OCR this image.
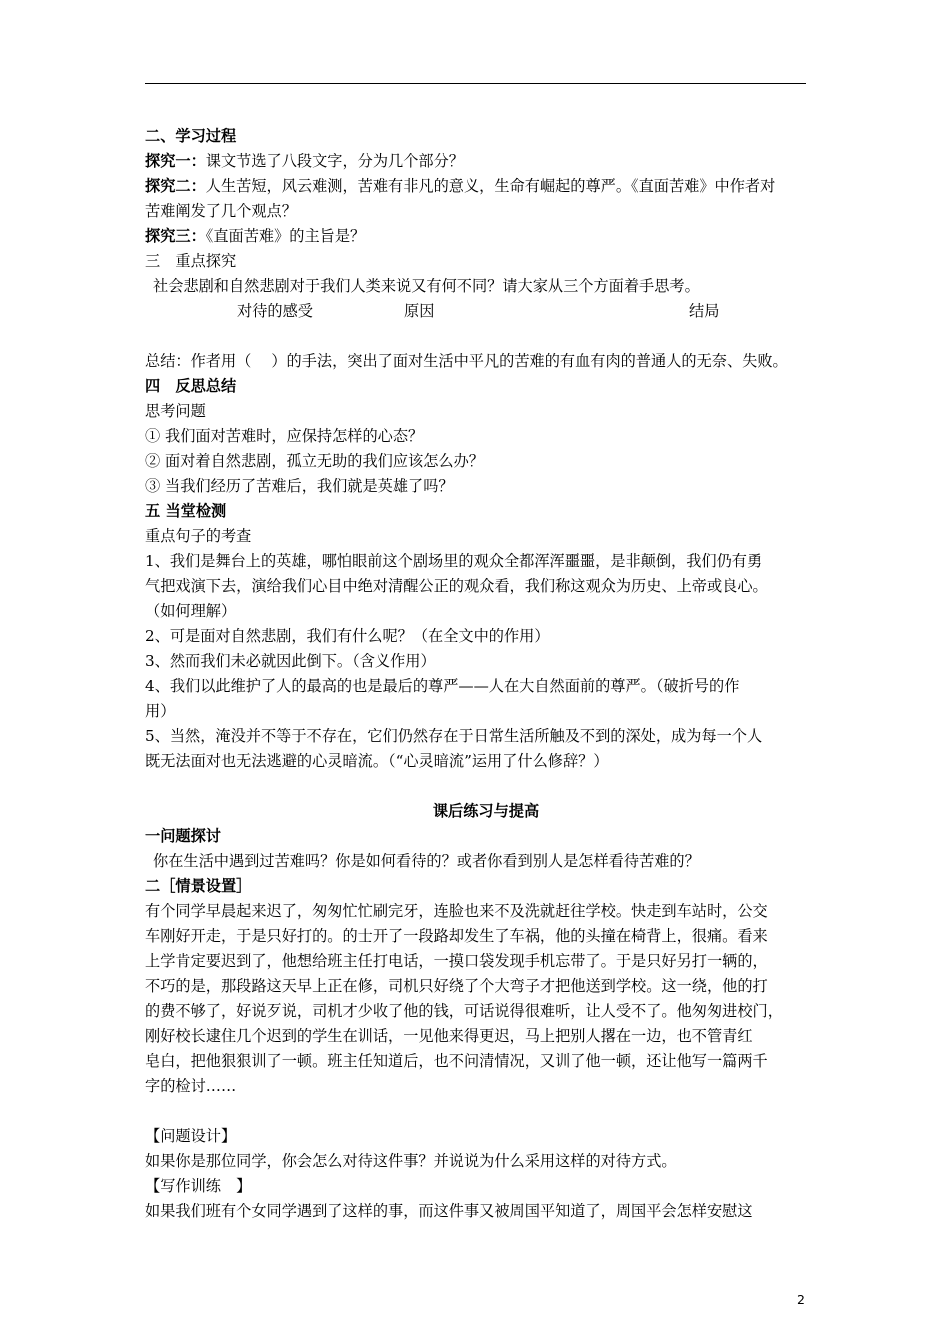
二、学习过程

探究一：课文节选了八段文字，分为几个部分？

探究二：人生苦短，风云难测，苦难有非凡的意义，生命有崛起的尊严。《直面苦难》中作者对

苦难阐发了几个观点？

探究三：《直面苦难》的主旨是？

三　重点探究

社会悲剧和自然悲剧对于我们人类来说又有何不同？请大家从三个方面着手思考。

对待的感受	原因	结局

总结：作者用（　 ）的手法，突出了面对生活中平凡的苦难的有血有肉的普通人的无奈、失败。

四　反思总结

思考问题

① 我们面对苦难时，应保持怎样的心态？

② 面对着自然悲剧，孤立无助的我们应该怎么办？

③ 当我们经历了苦难后，我们就是英雄了吗？

五 当堂检测

重点句子的考查

1、我们是舞台上的英雄，哪怕眼前这个剧场里的观众全都浑浑噩噩，是非颠倒，我们仍有勇

气把戏演下去，演给我们心目中绝对清醒公正的观众看，我们称这观众为历史、上帝或良心。

（如何理解）

2、可是面对自然悲剧，我们有什么呢？（在全文中的作用）

3、然而我们未必就因此倒下。（含义作用）

4、我们以此维护了人的最高的也是最后的尊严——人在大自然面前的尊严。（破折号的作

用）

5、当然，淹没并不等于不存在，它们仍然存在于日常生活所触及不到的深处，成为每一个人

既无法面对也无法逃避的心灵暗流。（“心灵暗流”运用了什么修辞？）

课后练习与提高

一问题探讨

你在生活中遇到过苦难吗？你是如何看待的？或者你看到别人是怎样看待苦难的？

二［情景设置］

有个同学早晨起来迟了，匆匆忙忙刷完牙，连脸也来不及洗就赶往学校。快走到车站时，公交

车刚好开走，于是只好打的。的士开了一段路却发生了车祸，他的头撞在椅背上，很痛。看来

上学肯定要迟到了，他想给班主任打电话，一摸口袋发现手机忘带了。于是只好另打一辆的，

不巧的是，那段路这天早上正在修，司机只好绕了个大弯子才把他送到学校。这一绕，他的打

的费不够了，好说歹说，司机才少收了他的钱，可话说得很难听，让人受不了。他匆匆进校门，

刚好校长逮住几个迟到的学生在训话，一见他来得更迟，马上把别人撂在一边，也不管青红

皂白，把他狠狠训了一顿。班主任知道后，也不问清情况，又训了他一顿，还让他写一篇两千

字的检讨……

【问题设计】

如果你是那位同学，你会怎么对待这件事？并说说为什么采用这样的对待方式。

【写作训练　】

如果我们班有个女同学遇到了这样的事，而这件事又被周国平知道了，周国平会怎样安慰这

2
